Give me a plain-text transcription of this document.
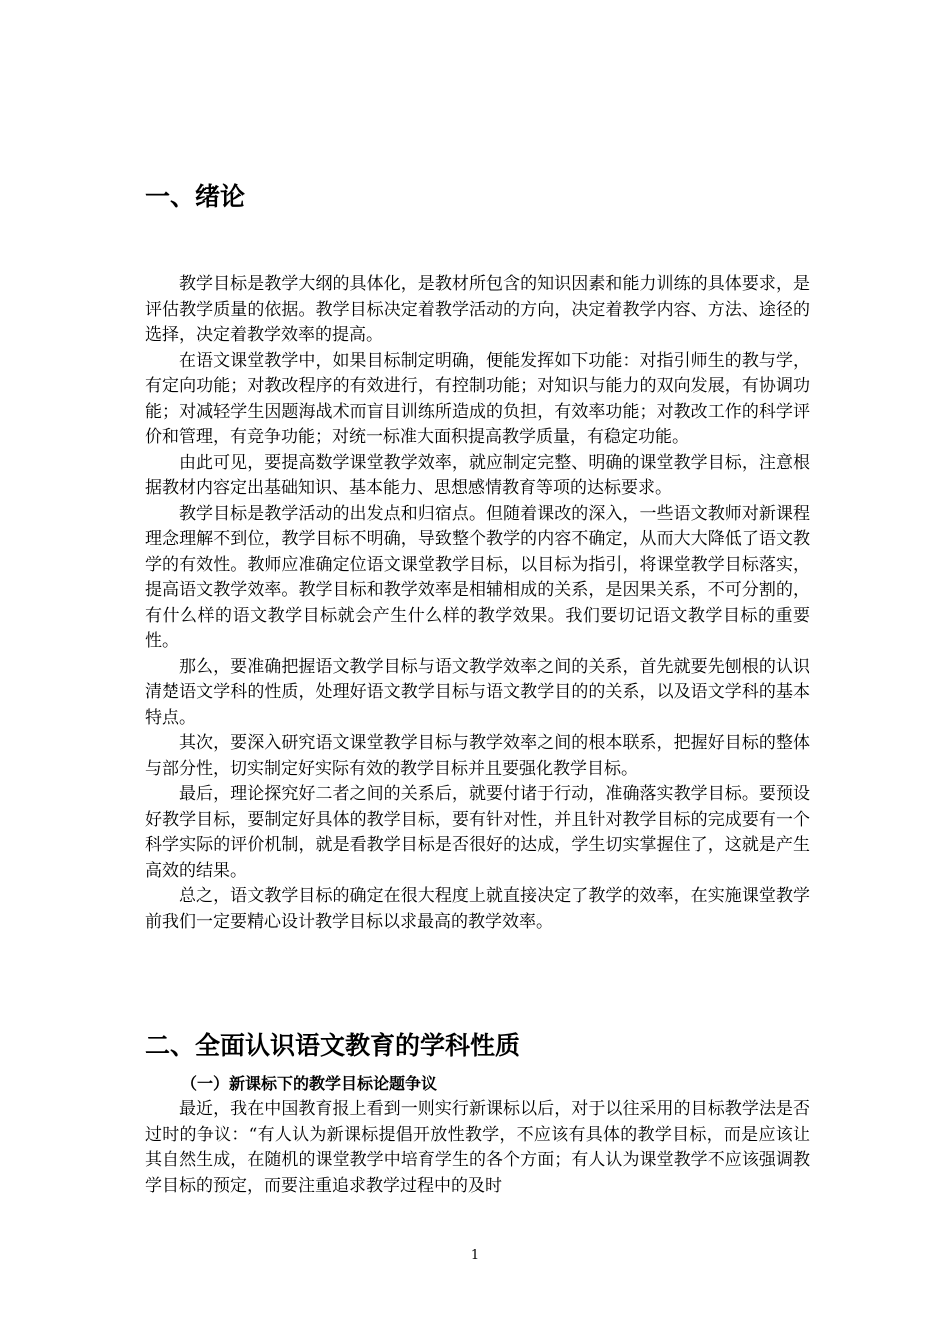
一、绪论

教学目标是教学大纲的具体化，是教材所包含的知识因素和能力训练的具体要求，是评估教学质量的依据。教学目标决定着教学活动的方向，决定着教学内容、方法、途径的选择，决定着教学效率的提高。

在语文课堂教学中，如果目标制定明确，便能发挥如下功能：对指引师生的教与学，有定向功能；对教改程序的有效进行，有控制功能；对知识与能力的双向发展，有协调功能；对减轻学生因题海战术而盲目训练所造成的负担，有效率功能；对教改工作的科学评价和管理，有竞争功能；对统一标准大面积提高教学质量，有稳定功能。

由此可见，要提高数学课堂教学效率，就应制定完整、明确的课堂教学目标，注意根据教材内容定出基础知识、基本能力、思想感情教育等项的达标要求。

教学目标是教学活动的出发点和归宿点。但随着课改的深入，一些语文教师对新课程理念理解不到位，教学目标不明确，导致整个教学的内容不确定，从而大大降低了语文教学的有效性。教师应准确定位语文课堂教学目标，以目标为指引，将课堂教学目标落实，提高语文教学效率。教学目标和教学效率是相辅相成的关系，是因果关系，不可分割的，有什么样的语文教学目标就会产生什么样的教学效果。我们要切记语文教学目标的重要性。

那么，要准确把握语文教学目标与语文教学效率之间的关系，首先就要先刨根的认识清楚语文学科的性质，处理好语文教学目标与语文教学目的的关系，以及语文学科的基本特点。

其次，要深入研究语文课堂教学目标与教学效率之间的根本联系，把握好目标的整体与部分性，切实制定好实际有效的教学目标并且要强化教学目标。

最后，理论探究好二者之间的关系后，就要付诸于行动，准确落实教学目标。要预设好教学目标，要制定好具体的教学目标，要有针对性，并且针对教学目标的完成要有一个科学实际的评价机制，就是看教学目标是否很好的达成，学生切实掌握住了，这就是产生高效的结果。

总之，语文教学目标的确定在很大程度上就直接决定了教学的效率，在实施课堂教学前我们一定要精心设计教学目标以求最高的教学效率。

二、全面认识语文教育的学科性质
（一）新课标下的教学目标论题争议

最近，我在中国教育报上看到一则实行新课标以后，对于以往采用的目标教学法是否过时的争议：“有人认为新课标提倡开放性教学，不应该有具体的教学目标，而是应该让其自然生成，在随机的课堂教学中培育学生的各个方面；有人认为课堂教学不应该强调教学目标的预定，而要注重追求教学过程中的及时

1
